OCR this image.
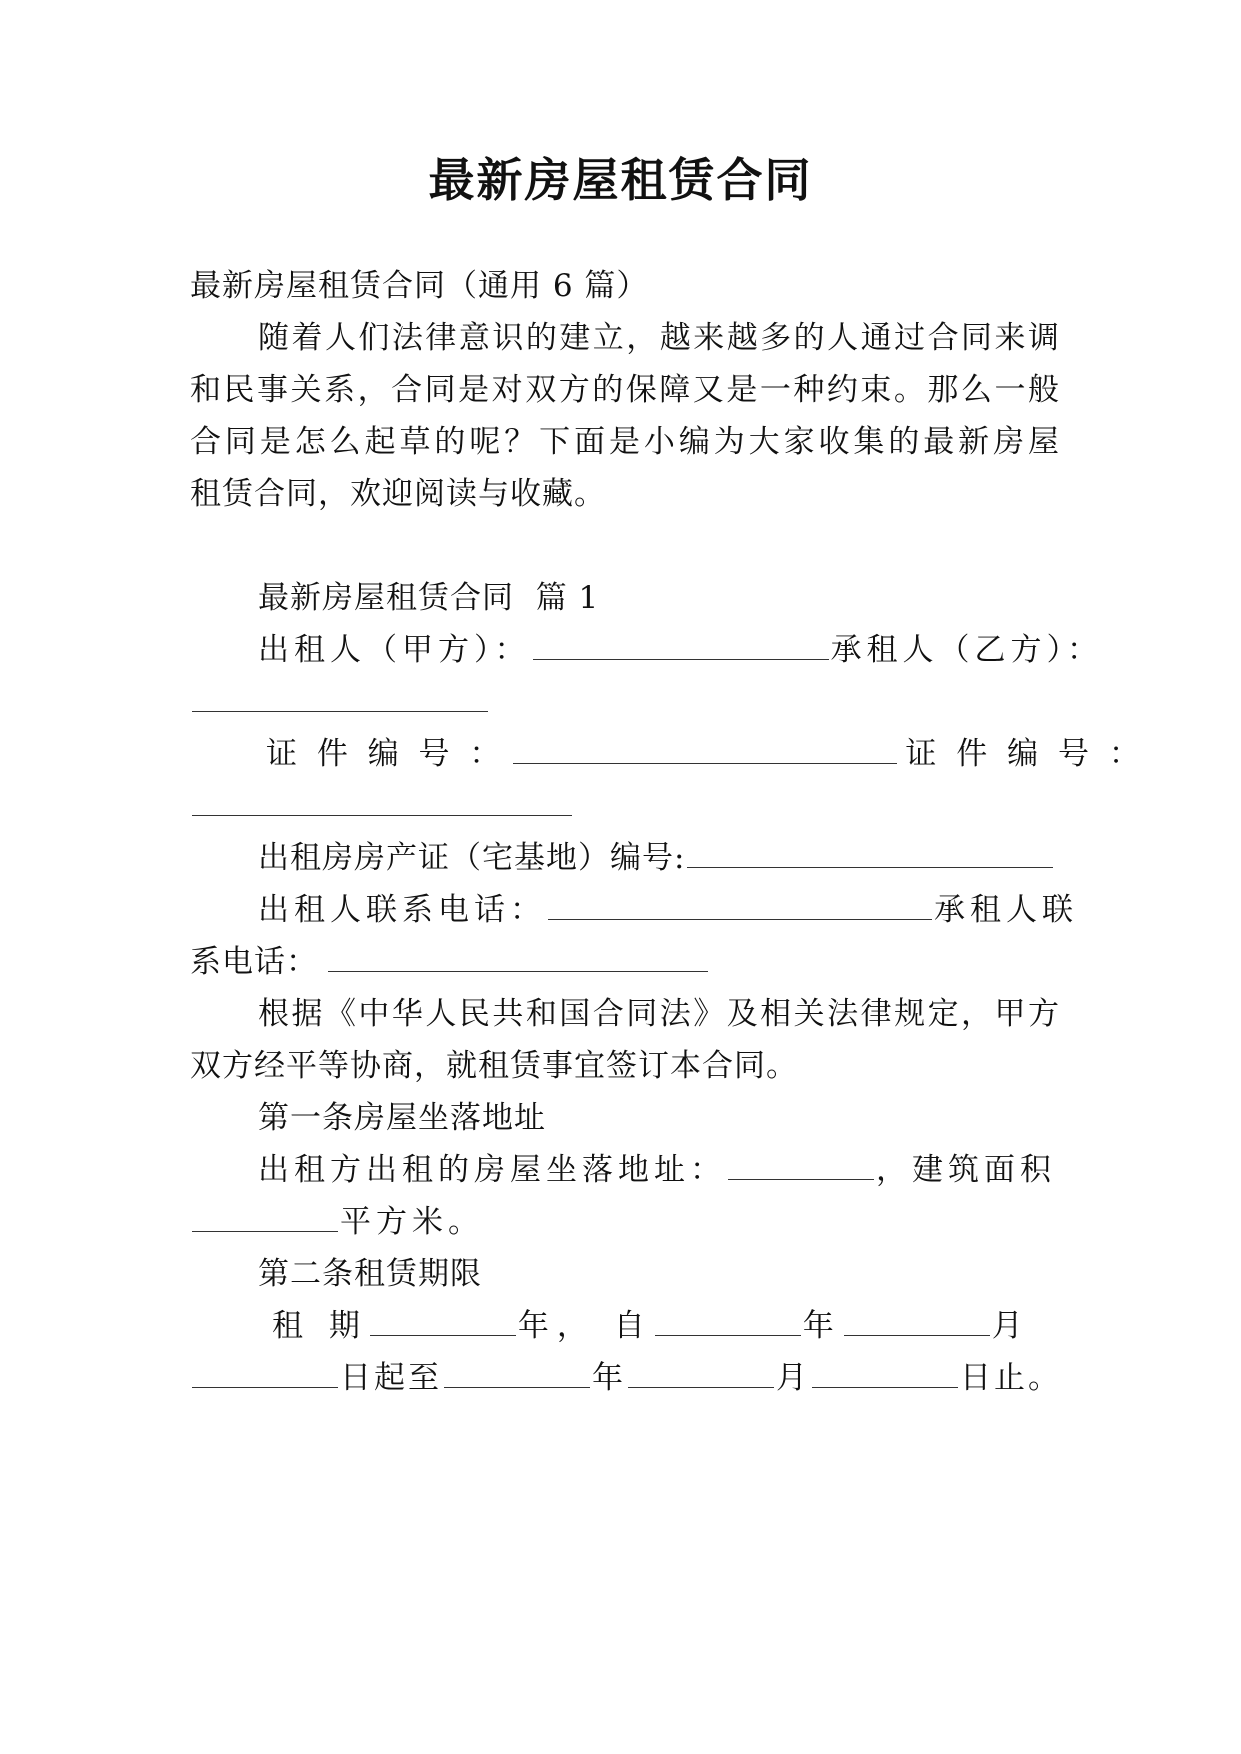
最新房屋租赁合同
最新房屋租赁合同（通用 6 篇）
随着人们法律意识的建立，越来越多的人通过合同来调
和民事关系，合同是对双方的保障又是一种约束。那么一般
合同是怎么起草的呢？下面是小编为大家收集的最新房屋
租赁合同，欢迎阅读与收藏。
最新房屋租赁合同  篇 1
出租人（甲方）：	承租人（乙方）：
证 件 编 号 ：	证 件 编 号 ：
出租房房产证（宅基地）编号:
出租人联系电话：	承租人联
系电话：
根据《中华人民共和国合同法》及相关法律规定，甲方
双方经平等协商，就租赁事宜签订本合同。
第一条房屋坐落地址
出租方出租的房屋坐落地址：	，建筑面积
平方米。
第二条租赁期限
租 期	年， 自	年	月
日起至	年	月	日止。
